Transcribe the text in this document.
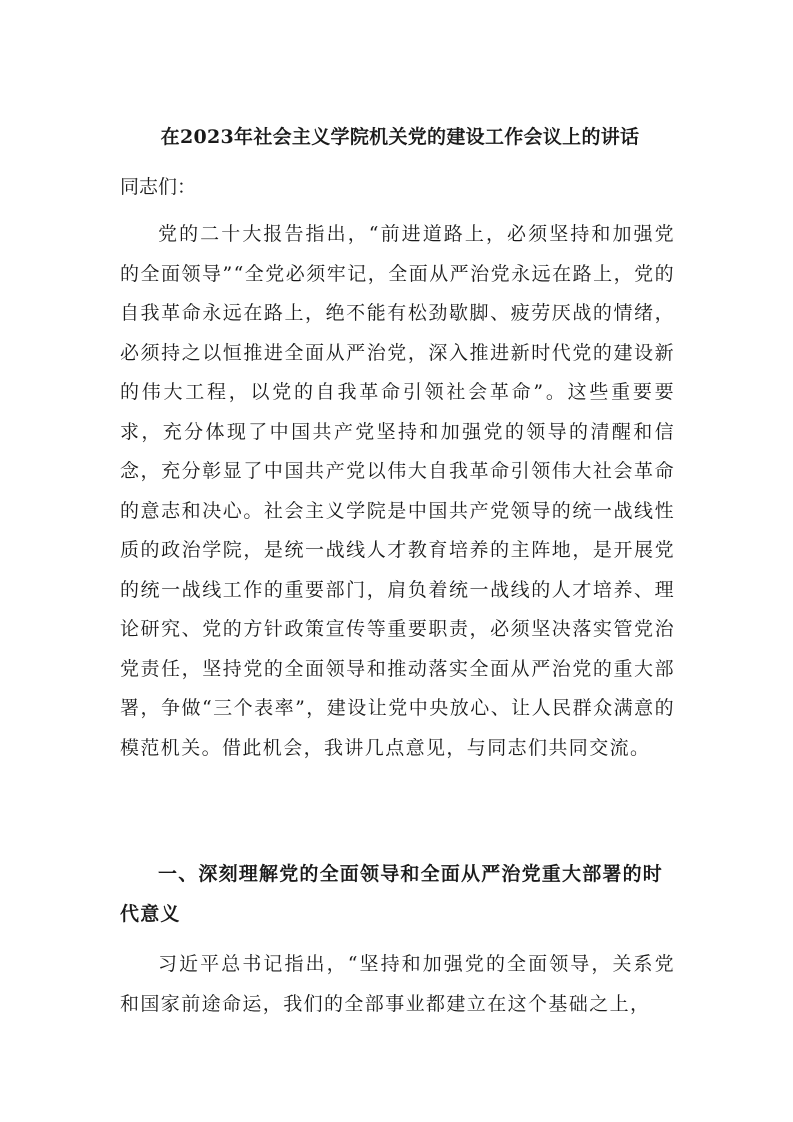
在2023年社会主义学院机关党的建设工作会议上的讲话
同志们：
党的二十大报告指出，“前进道路上，必须坚持和加强党的全面领导”“全党必须牢记，全面从严治党永远在路上，党的自我革命永远在路上，绝不能有松劲歇脚、疲劳厌战的情绪，必须持之以恒推进全面从严治党，深入推进新时代党的建设新的伟大工程，以党的自我革命引领社会革命”。这些重要要求，充分体现了中国共产党坚持和加强党的领导的清醒和信念，充分彰显了中国共产党以伟大自我革命引领伟大社会革命的意志和决心。社会主义学院是中国共产党领导的统一战线性质的政治学院，是统一战线人才教育培养的主阵地，是开展党的统一战线工作的重要部门，肩负着统一战线的人才培养、理论研究、党的方针政策宣传等重要职责，必须坚决落实管党治党责任，坚持党的全面领导和推动落实全面从严治党的重大部署，争做“三个表率”，建设让党中央放心、让人民群众满意的模范机关。借此机会，我讲几点意见，与同志们共同交流。
一、深刻理解党的全面领导和全面从严治党重大部署的时代意义
习近平总书记指出，“坚持和加强党的全面领导，关系党和国家前途命运，我们的全部事业都建立在这个基础之上，
